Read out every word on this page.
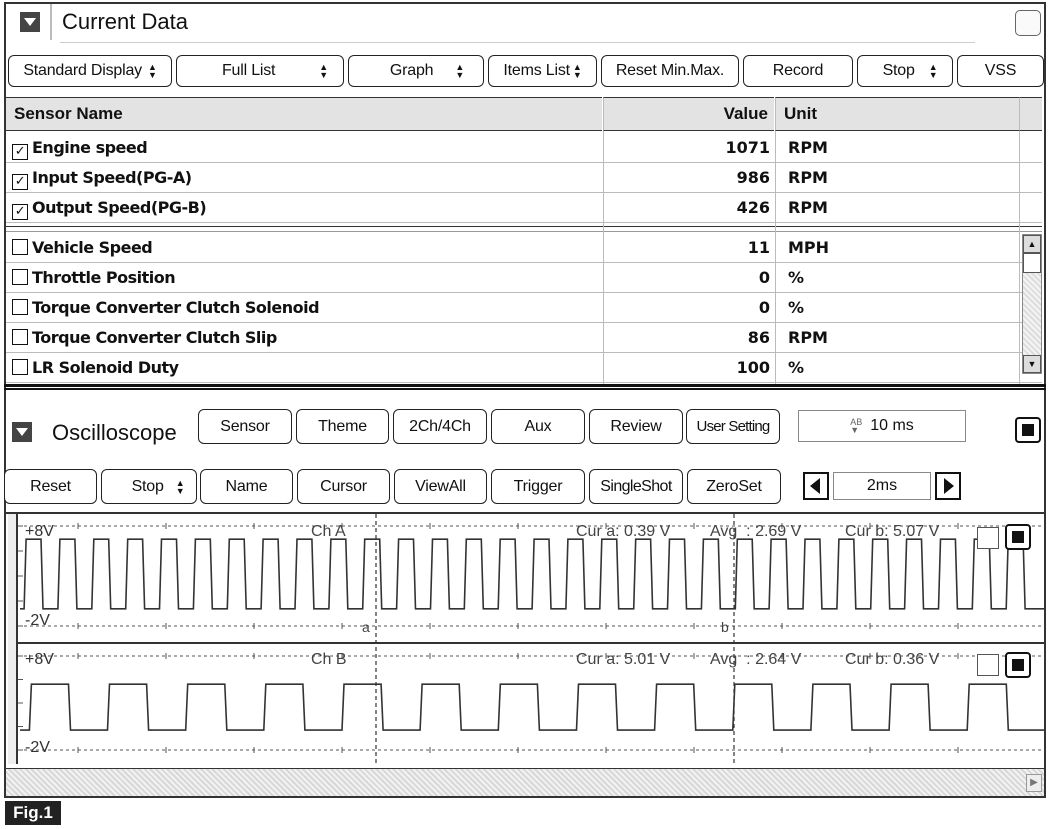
Current Data
Standard Display ▲ ▼	Full List ▲ ▼	Graph ▲ ▼	Items List ▲ ▼	Reset Min.Max.	Record	Stop ▲ ▼	VSS
Sensor Name	Value Unit
✓ Engine speed	1071 RPM
✓ Input Speed(PG-A)	986 RPM
✓ Output Speed(PG-B)	426 RPM
Vehicle Speed	11 MPH
Throttle Position	0 %
Torque Converter Clutch Solenoid	0 %
Torque Converter Clutch Slip	86 RPM
LR Solenoid Duty	100 %
▲
▼
Oscilloscope	Sensor	Theme	2Ch/4Ch	Aux	Review	User Setting	AB
▼ 10 ms
Reset	Stop ▲ ▼	Name	Cursor	ViewAll	Trigger	SingleShot	ZeroSet	2ms
+8V
-2V
Ch A	Cur a: 0.39 V Avg  : 2.69 V	Cur b: 5.07 V
a	b
+8V
-2V
Ch B	Cur a: 5.01 V Avg  : 2.64 V	Cur b: 0.36 V
▶
Fig.1
